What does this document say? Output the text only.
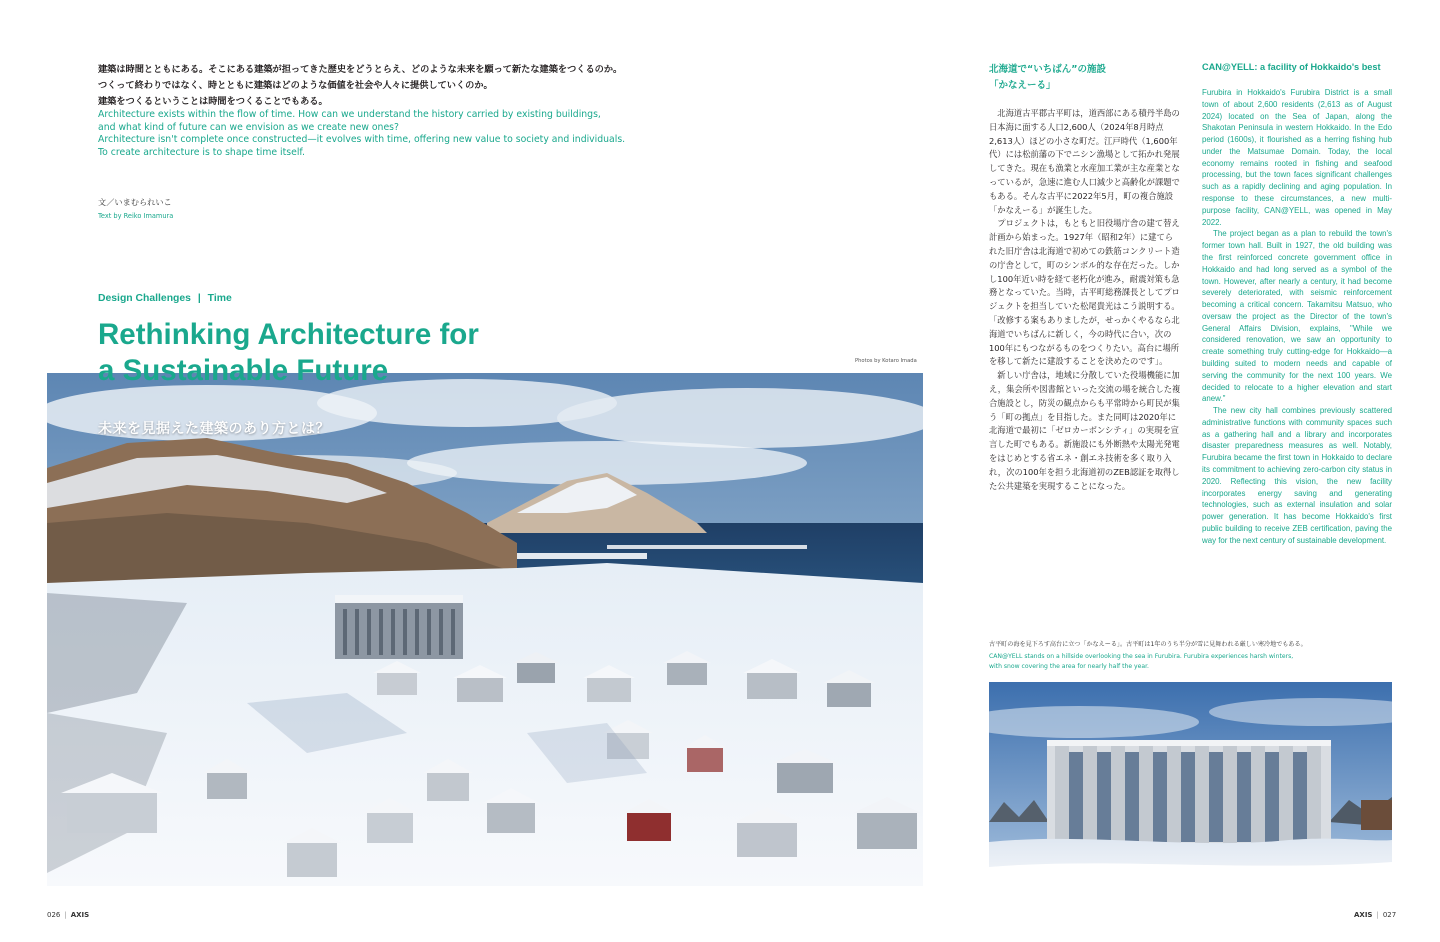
建築は時間とともにある。そこにある建築が担ってきた歴史をどうとらえ、どのような未来を願って新たな建築をつくるのか。
つくって終わりではなく、時とともに建築はどのような価値を社会や人々に提供していくのか。
建築をつくるということは時間をつくることでもある。
Architecture exists within the flow of time. How can we understand the history carried by existing buildings,
and what kind of future can we envision as we create new ones?
Architecture isn't complete once constructed—it evolves with time, offering new value to society and individuals.
To create architecture is to shape time itself.
文／いまむられいこ
Text by Reiko Imamura
Design Challenges | Time
Rethinking Architecture for
a Sustainable Future	Photos by Kotaro Imada
未来を見据えた建築のあり方とは？
北海道で“いちばん”の施設
「かなえーる」
CAN@YELL: a facility of Hokkaido's best

北海道古平郡古平町は，道西部にある積丹半島の日本海に面する人口2,600人（2024年8月時点2,613人）ほどの小さな町だ。江戸時代（1,600年代）には松前藩の下でニシン漁場として拓かれ発展してきた。現在も漁業と水産加工業が主な産業となっているが，急速に進む人口減少と高齢化が課題でもある。そんな古平に2022年5月，町の複合施設「かなえーる」が誕生した。

プロジェクトは，もともと旧役場庁舎の建て替え計画から始まった。1927年（昭和2年）に建てられた旧庁舎は北海道で初めての鉄筋コンクリート造の庁舎として，町のシンボル的な存在だった。しかし100年近い時を経て老朽化が進み，耐震対策も急務となっていた。当時，古平町総務課長としてプロジェクトを担当していた松尾貴光はこう説明する。「改修する案もありましたが，せっかくやるなら北海道でいちばんに新しく，今の時代に合い，次の100年にもつながるものをつくりたい。高台に場所を移して新たに建設することを決めたのです」。

新しい庁舎は，地域に分散していた役場機能に加え，集会所や図書館といった交流の場を統合した複合施設とし，防災の観点からも平常時から町民が集う「町の拠点」を目指した。また同町は2020年に北海道で最初に「ゼロカーボンシティ」の実現を宣言した町でもある。新施設にも外断熱や太陽光発電をはじめとする省エネ・創エネ技術を多く取り入れ，次の100年を担う北海道初のZEB認証を取得した公共建築を実現することになった。

Furubira in Hokkaido's Furubira District is a small town of about 2,600 residents (2,613 as of August 2024) located on the Sea of Japan, along the Shakotan Peninsula in western Hokkaido. In the Edo period (1600s), it flourished as a herring fishing hub under the Matsumae Domain. Today, the local economy remains rooted in fishing and seafood processing, but the town faces significant challenges such as a rapidly declining and aging population. In response to these circumstances, a new multi-purpose facility, CAN@YELL, was opened in May 2022.

The project began as a plan to rebuild the town's former town hall. Built in 1927, the old building was the first reinforced concrete government office in Hokkaido and had long served as a symbol of the town. However, after nearly a century, it had become severely deteriorated, with seismic reinforcement becoming a critical concern. Takamitsu Matsuo, who oversaw the project as the Director of the town's General Affairs Division, explains, "While we considered renovation, we saw an opportunity to create something truly cutting-edge for Hokkaido—a building suited to modern needs and capable of serving the community for the next 100 years. We decided to relocate to a higher elevation and start anew."

The new city hall combines previously scattered administrative functions with community spaces such as a gathering hall and a library and incorporates disaster preparedness measures as well. Notably, Furubira became the first town in Hokkaido to declare its commitment to achieving zero-carbon city status in 2020. Reflecting this vision, the new facility incorporates energy saving and generating technologies, such as external insulation and solar power generation. It has become Hokkaido's first public building to receive ZEB certification, paving the way for the next century of sustainable development.

古平町の海を見下ろす高台に立つ「かなえーる」。古平町は1年のうち半分が雪に見舞われる厳しい寒冷地でもある。
CAN@YELL stands on a hillside overlooking the sea in Furubira. Furubira experiences harsh winters,
with snow covering the area for nearly half the year.
026 | AXIS	AXIS | 027
